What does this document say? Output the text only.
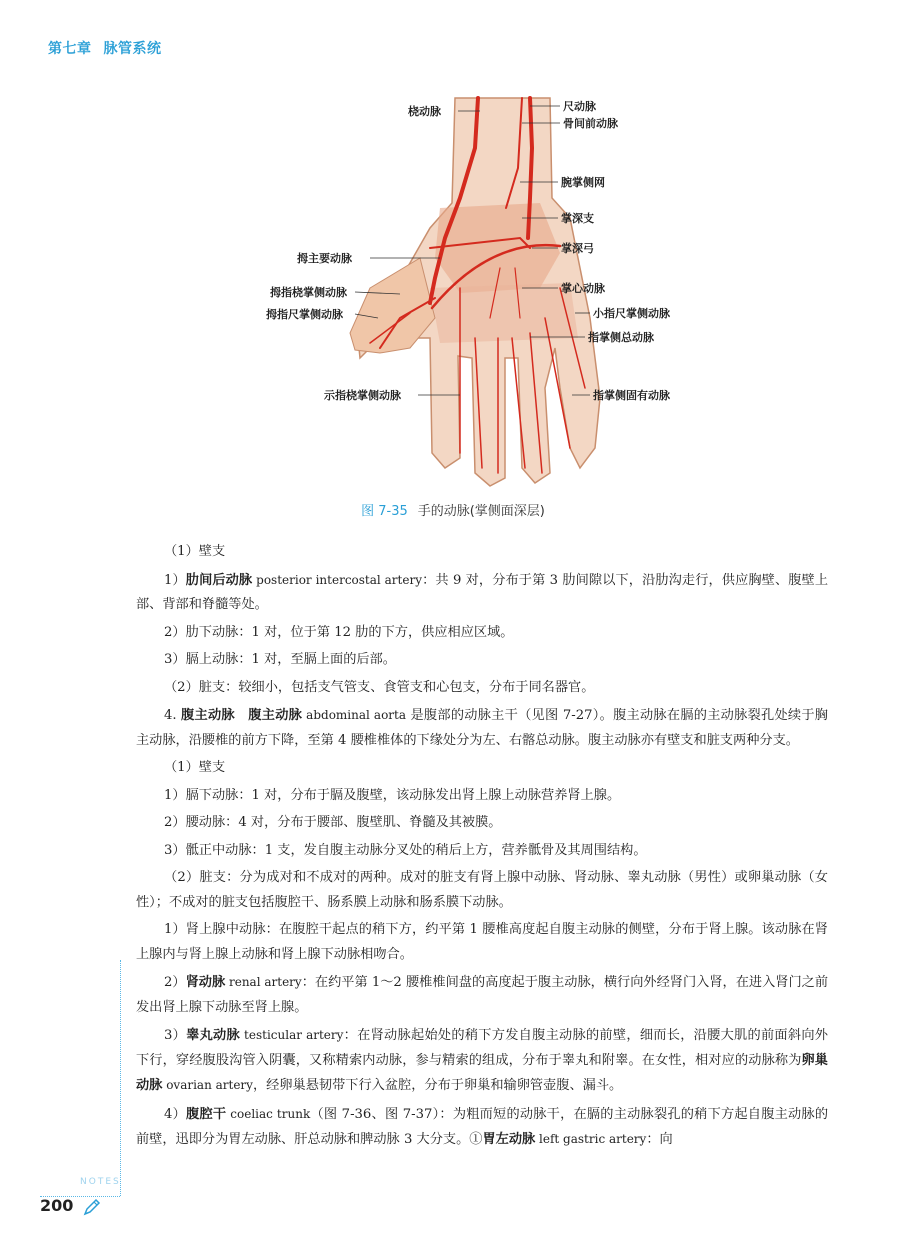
第七章 脉管系统
桡动脉	尺动脉
骨间前动脉
腕掌侧网
掌深支
掌深弓
拇主要动脉
掌心动脉
拇指桡掌侧动脉
拇指尺掌侧动脉	小指尺掌侧动脉
指掌侧总动脉
示指桡掌侧动脉	指掌侧固有动脉
图 7-35 手的动脉(掌侧面深层)

（1）壁支

1）肋间后动脉 posterior intercostal artery：共 9 对，分布于第 3 肋间隙以下，沿肋沟走行，供应胸壁、腹壁上部、背部和脊髓等处。

2）肋下动脉：1 对，位于第 12 肋的下方，供应相应区域。

3）膈上动脉：1 对，至膈上面的后部。

（2）脏支：较细小，包括支气管支、食管支和心包支，分布于同名器官。

4. 腹主动脉　腹主动脉 abdominal aorta 是腹部的动脉主干（见图 7-27）。腹主动脉在膈的主动脉裂孔处续于胸主动脉，沿腰椎的前方下降，至第 4 腰椎椎体的下缘处分为左、右髂总动脉。腹主动脉亦有壁支和脏支两种分支。

（1）壁支

1）膈下动脉：1 对，分布于膈及腹壁，该动脉发出肾上腺上动脉营养肾上腺。

2）腰动脉：4 对，分布于腰部、腹壁肌、脊髓及其被膜。

3）骶正中动脉：1 支，发自腹主动脉分叉处的稍后上方，营养骶骨及其周围结构。

（2）脏支：分为成对和不成对的两种。成对的脏支有肾上腺中动脉、肾动脉、睾丸动脉（男性）或卵巢动脉（女性）；不成对的脏支包括腹腔干、肠系膜上动脉和肠系膜下动脉。

1）肾上腺中动脉：在腹腔干起点的稍下方，约平第 1 腰椎高度起自腹主动脉的侧壁，分布于肾上腺。该动脉在肾上腺内与肾上腺上动脉和肾上腺下动脉相吻合。

2）肾动脉 renal artery：在约平第 1～2 腰椎椎间盘的高度起于腹主动脉，横行向外经肾门入肾，在进入肾门之前发出肾上腺下动脉至肾上腺。

3）睾丸动脉 testicular artery：在肾动脉起始处的稍下方发自腹主动脉的前壁，细而长，沿腰大肌的前面斜向外下行，穿经腹股沟管入阴囊，又称精索内动脉，参与精索的组成，分布于睾丸和附睾。在女性，相对应的动脉称为卵巢动脉 ovarian artery，经卵巢悬韧带下行入盆腔，分布于卵巢和输卵管壶腹、漏斗。

4）腹腔干 coeliac trunk（图 7-36、图 7-37）：为粗而短的动脉干，在膈的主动脉裂孔的稍下方起自腹主动脉的前壁，迅即分为胃左动脉、肝总动脉和脾动脉 3 大分支。①胃左动脉 left gastric artery：向

NOTES
200
